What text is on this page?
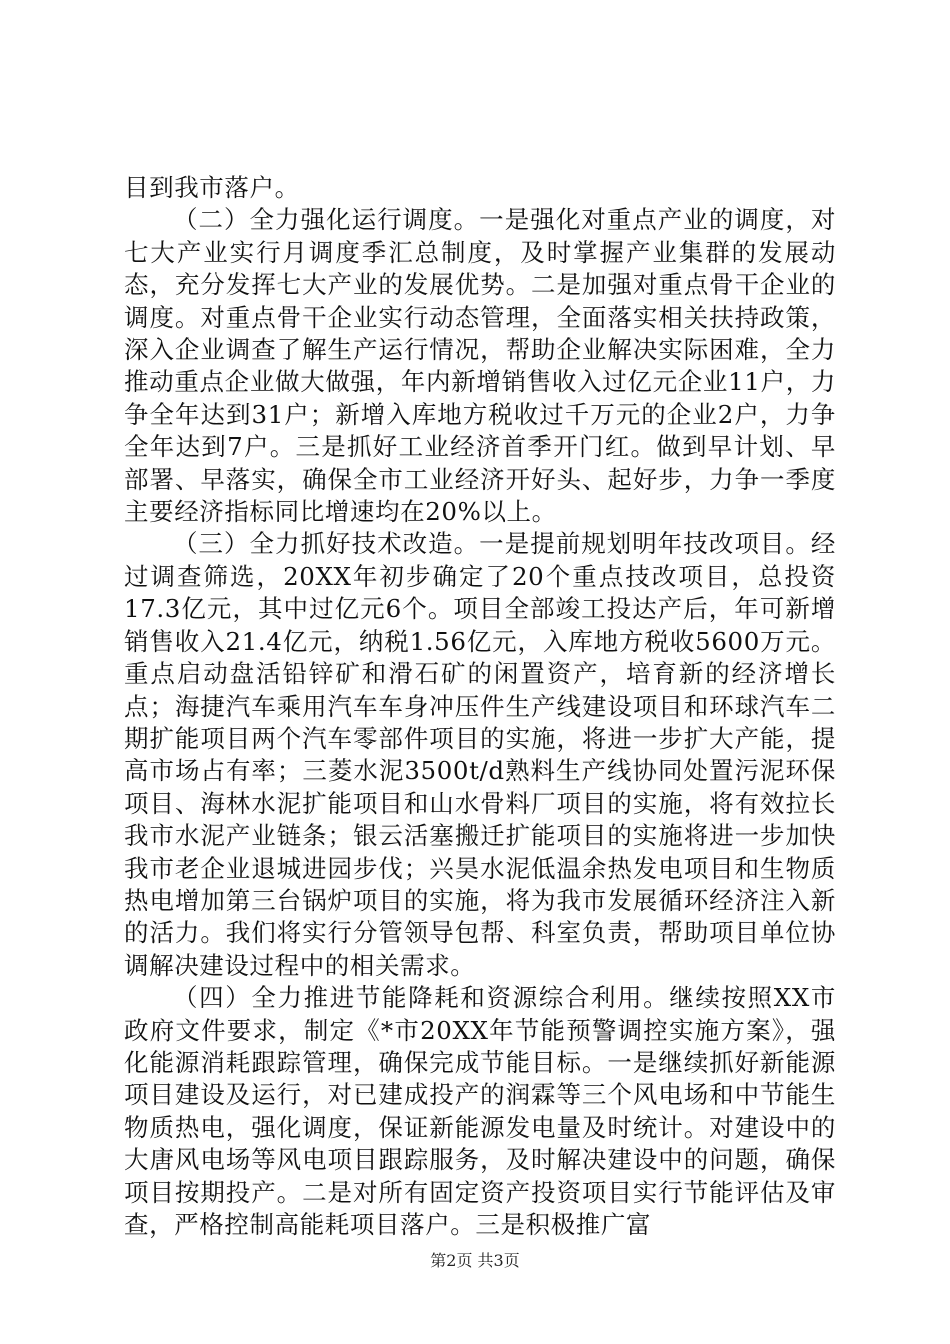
目到我市落户。

（二）全力强化运行调度。一是强化对重点产业的调度，对七大产业实行月调度季汇总制度，及时掌握产业集群的发展动态，充分发挥七大产业的发展优势。二是加强对重点骨干企业的调度。对重点骨干企业实行动态管理，全面落实相关扶持政策，深入企业调查了解生产运行情况，帮助企业解决实际困难，全力推动重点企业做大做强，年内新增销售收入过亿元企业11户，力争全年达到31户；新增入库地方税收过千万元的企业2户，力争全年达到7户。三是抓好工业经济首季开门红。做到早计划、早部署、早落实，确保全市工业经济开好头、起好步，力争一季度主要经济指标同比增速均在20%以上。

（三）全力抓好技术改造。一是提前规划明年技改项目。经过调查筛选，20XX年初步确定了20个重点技改项目，总投资17.3亿元，其中过亿元6个。项目全部竣工投达产后，年可新增销售收入21.4亿元，纳税1.56亿元，入库地方税收5600万元。重点启动盘活铅锌矿和滑石矿的闲置资产，培育新的经济增长点；海捷汽车乘用汽车车身冲压件生产线建设项目和环球汽车二期扩能项目两个汽车零部件项目的实施，将进一步扩大产能，提高市场占有率；三菱水泥3500t/d熟料生产线协同处置污泥环保项目、海林水泥扩能项目和山水骨料厂项目的实施，将有效拉长我市水泥产业链条；银云活塞搬迁扩能项目的实施将进一步加快我市老企业退城进园步伐；兴昊水泥低温余热发电项目和生物质热电增加第三台锅炉项目的实施，将为我市发展循环经济注入新的活力。我们将实行分管领导包帮、科室负责，帮助项目单位协调解决建设过程中的相关需求。

（四）全力推进节能降耗和资源综合利用。继续按照XX市政府文件要求，制定《*市20XX年节能预警调控实施方案》，强化能源消耗跟踪管理，确保完成节能目标。一是继续抓好新能源项目建设及运行，对已建成投产的润霖等三个风电场和中节能生物质热电，强化调度，保证新能源发电量及时统计。对建设中的大唐风电场等风电项目跟踪服务，及时解决建设中的问题，确保项目按期投产。二是对所有固定资产投资项目实行节能评估及审查，严格控制高能耗项目落户。三是积极推广富

第2页 共3页
